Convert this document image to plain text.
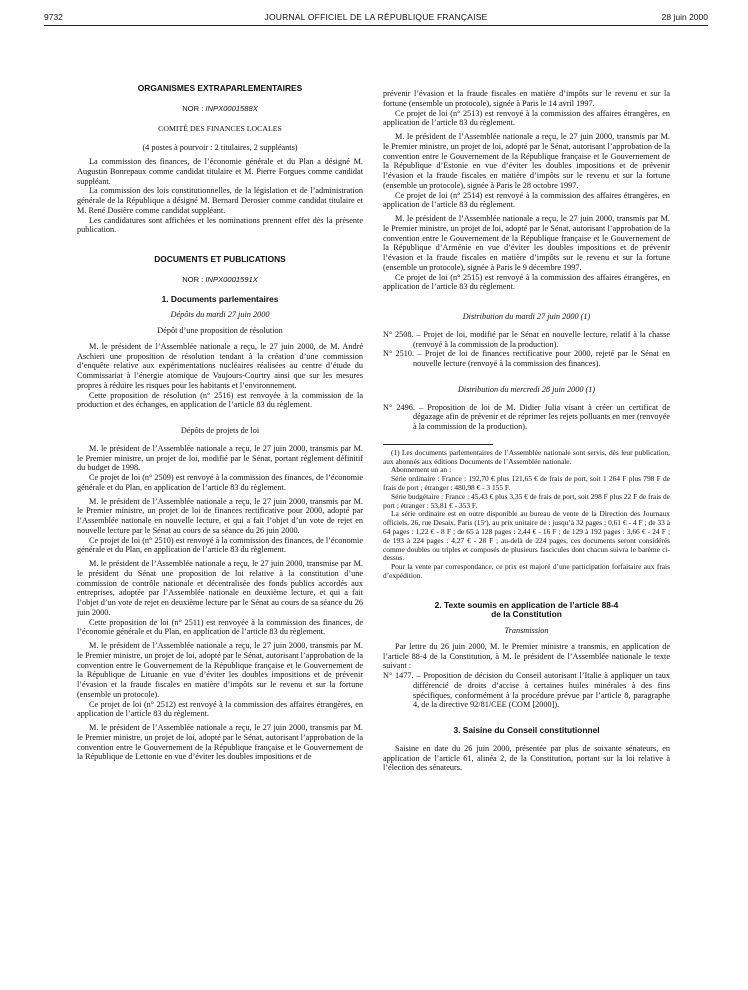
9732	JOURNAL OFFICIEL DE LA RÉPUBLIQUE FRANÇAISE	28 juin 2000

ORGANISMES EXTRAPARLEMENTAIRES

NOR : INPX0001588X

COMITÉ DES FINANCES LOCALES

(4 postes à pourvoir : 2 titulaires, 2 suppléants)

La commission des finances, de l’économie générale et du Plan a désigné M. Augustin Bonrepaux comme candidat titulaire et M. Pierre Forgues comme candidat suppléant.

La commission des lois constitutionnelles, de la législation et de l’administration générale de la République a désigné M. Bernard Derosier comme candidat titulaire et M. René Dosière comme candidat suppléant.

Les candidatures sont affichées et les nominations prennent effet dès la présente publication.

DOCUMENTS ET PUBLICATIONS

NOR : INPX0001591X

1. Documents parlementaires

Dépôts du mardi 27 juin 2000

Dépôt d’une proposition de résolution

M. le président de l’Assemblée nationale a reçu, le 27 juin 2000, de M. André Aschieri une proposition de résolution tendant à la création d’une commission d’enquête relative aux expérimentations nucléaires réalisées au centre d’étude du Commissariat à l’énergie atomique de Vaujours-Courtry ainsi que sur les mesures propres à réduire les risques pour les habitants et l’environnement.

Cette proposition de résolution (n° 2516) est renvoyée à la commission de la production et des échanges, en application de l’article 83 du règlement.

Dépôts de projets de loi

M. le président de l’Assemblée nationale a reçu, le 27 juin 2000, transmis par M. le Premier ministre, un projet de loi, modifié par le Sénat, portant règlement définitif du budget de 1998.

Ce projet de loi (n° 2509) est renvoyé à la commission des finances, de l’économie générale et du Plan, en application de l’article 83 du règlement.

M. le président de l’Assemblée nationale a reçu, le 27 juin 2000, transmis par M. le Premier ministre, un projet de loi de finances rectificative pour 2000, adopté par l’Assemblée nationale en nouvelle lecture, et qui a fait l’objet d’un vote de rejet en nouvelle lecture par le Sénat au cours de sa séance du 26 juin 2000.

Ce projet de loi (n° 2510) est renvoyé à la commission des finances, de l’économie générale et du Plan, en application de l’article 83 du règlement.

M. le président de l’Assemblée nationale a reçu, le 27 juin 2000, transmise par M. le président du Sénat une proposition de loi relative à la constitution d’une commission de contrôle nationale et décentralisée des fonds publics accordés aux entreprises, adoptée par l’Assemblée nationale en deuxième lecture, et qui a fait l’objet d’un vote de rejet en deuxième lecture par le Sénat au cours de sa séance du 26 juin 2000.

Cette proposition de loi (n° 2511) est renvoyée à la commission des finances, de l’économie générale et du Plan, en application de l’article 83 du règlement.

M. le président de l’Assemblée nationale a reçu, le 27 juin 2000, transmis par M. le Premier ministre, un projet de loi, adopté par le Sénat, autorisant l’approbation de la convention entre le Gouvernement de la République française et le Gouvernement de la République de Lituanie en vue d’éviter les doubles impositions et de prévenir l’évasion et la fraude fiscales en matière d’impôts sur le revenu et sur la fortune (ensemble un protocole).

Ce projet de loi (n° 2512) est renvoyé à la commission des affaires étrangères, en application de l’article 83 du règlement.

M. le président de l’Assemblée nationale a reçu, le 27 juin 2000, transmis par M. le Premier ministre, un projet de loi, adopté par le Sénat, autorisant l’approbation de la convention entre le Gouvernement de la République française et le Gouvernement de la République de Lettonie en vue d’éviter les doubles impositions et de

prévenir l’évasion et la fraude fiscales en matière d’impôts sur le revenu et sur la fortune (ensemble un protocole), signée à Paris le 14 avril 1997.

Ce projet de loi (n° 2513) est renvoyé à la commission des affaires étrangères, en application de l’article 83 du règlement.

M. le président de l’Assemblée nationale a reçu, le 27 juin 2000, transmis par M. le Premier ministre, un projet de loi, adopté par le Sénat, autorisant l’approbation de la convention entre le Gouvernement de la République française et le Gouvernement de la République d’Estonie en vue d’éviter les doubles impositions et de prévenir l’évasion et la fraude fiscales en matière d’impôts sur le revenu et sur la fortune (ensemble un protocole), signée à Paris le 28 octobre 1997.

Ce projet de loi (n° 2514) est renvoyé à la commission des affaires étrangères, en application de l’article 83 du règlement.

M. le président de l’Assemblée nationale a reçu, le 27 juin 2000, transmis par M. le Premier ministre, un projet de loi, adopté par le Sénat, autorisant l’approbation de la convention entre le Gouvernement de la République française et le Gouvernement de la République d’Arménie en vue d’éviter les doubles impositions et de prévenir l’évasion et la fraude fiscales en matière d’impôts sur le revenu et sur la fortune (ensemble un protocole), signée à Paris le 9 décembre 1997.

Ce projet de loi (n° 2515) est renvoyé à la commission des affaires étrangères, en application de l’article 83 du règlement.

Distribution du mardi 27 juin 2000 (1)

N° 2508. – Projet de loi, modifié par le Sénat en nouvelle lecture, relatif à la chasse (renvoyé à la commission de la production).

N° 2510. – Projet de loi de finances rectificative pour 2000, rejeté par le Sénat en nouvelle lecture (renvoyé à la commission des finances).

Distribution du mercredi 28 juin 2000 (1)

N° 2496. – Proposition de loi de M. Didier Julia visant à créer un certificat de dégazage afin de prévenir et de réprimer les rejets polluants en mer (renvoyée à la commission de la production).

(1) Les documents parlementaires de l’Assemblée nationale sont servis, dès leur publication, aux abonnés aux éditions Documents de l’Assemblée nationale.

Abonnement un an :

Série ordinaire : France : 192,70 € plus 121,65 € de frais de port, soit 1 264 F plus 798 F de frais de port ; étranger : 480,98 € - 3 155 F.

Série budgétaire : France : 45,43 € plus 3,35 € de frais de port, soit 298 F plus 22 F de frais de port ; étranger : 53,81 € - 353 F.

La série ordinaire est en outre disponible au bureau de vente de la Direction des Journaux officiels, 26, rue Desaix, Paris (15ᵉ), au prix unitaire de : jusqu’à 32 pages : 0,61 € - 4 F ; de 33 à 64 pages : 1,22 € - 8 F ; de 65 à 128 pages : 2,44 € - 16 F ; de 129 à 192 pages : 3,66 € - 24 F ; de 193 à 224 pages : 4,27 € - 28 F ; au-delà de 224 pages, ces documents seront considérés comme doubles ou triples et composés de plusieurs fascicules dont chacun suivra le barème ci-dessus.

Pour la vente par correspondance, ce prix est majoré d’une participation forfaitaire aux frais d’expédition.

2. Texte soumis en application de l’article 88-4
de la Constitution

Transmission

Par lettre du 26 juin 2000, M. le Premier ministre a transmis, en application de l’article 88-4 de la Constitution, à M. le président de l’Assemblée nationale le texte suivant :

N° 1477. – Proposition de décision du Conseil autorisant l’Italie à appliquer un taux différencié de droits d’accise à certaines huiles minérales à des fins spécifiques, conformément à la procédure prévue par l’article 8, paragraphe 4, de la directive 92/81/CEE (COM [2000]).

3. Saisine du Conseil constitutionnel

Saisine en date du 26 juin 2000, présentée par plus de soixante sénateurs, en application de l’article 61, alinéa 2, de la Constitution, portant sur la loi relative à l’élection des sénateurs.
